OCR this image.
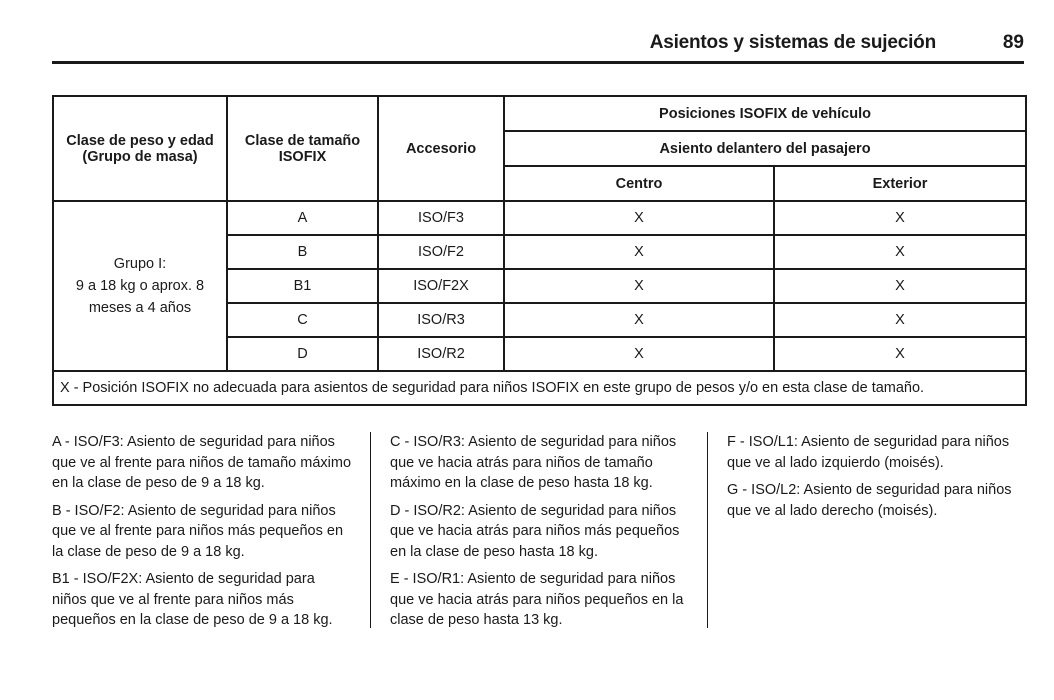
Asientos y sistemas de sujeción	89
Clase de peso y edad (Grupo de masa)	Clase de tamaño ISOFIX	Accesorio	Posiciones ISOFIX de vehículo	
			Asiento delantero del pasajero	
			Centro	Exterior

Grupo I:
9 a 18 kg o aprox. 8 meses a 4 años	A	ISO/F3	X	X
	B	ISO/F2	X	X
	B1	ISO/F2X	X	X
	C	ISO/R3	X	X
	D	ISO/R2	X	X
X - Posición ISOFIX no adecuada para asientos de seguridad para niños ISOFIX en este grupo de pesos y/o en esta clase de tamaño.				

A - ISO/F3: Asiento de seguridad para niños que ve al frente para niños de tamaño máximo en la clase de peso de 9 a 18 kg.

B - ISO/F2: Asiento de seguridad para niños que ve al frente para niños más pequeños en la clase de peso de 9 a 18 kg.

B1 - ISO/F2X: Asiento de seguridad para niños que ve al frente para niños más pequeños en la clase de peso de 9 a 18 kg.

C - ISO/R3: Asiento de seguridad para niños que ve hacia atrás para niños de tamaño máximo en la clase de peso hasta 18 kg.

D - ISO/R2: Asiento de seguridad para niños que ve hacia atrás para niños más pequeños en la clase de peso hasta 18 kg.

E - ISO/R1: Asiento de seguridad para niños que ve hacia atrás para niños pequeños en la clase de peso hasta 13 kg.

F - ISO/L1: Asiento de seguridad para niños que ve al lado izquierdo (moisés).

G - ISO/L2: Asiento de seguridad para niños que ve al lado derecho (moisés).
